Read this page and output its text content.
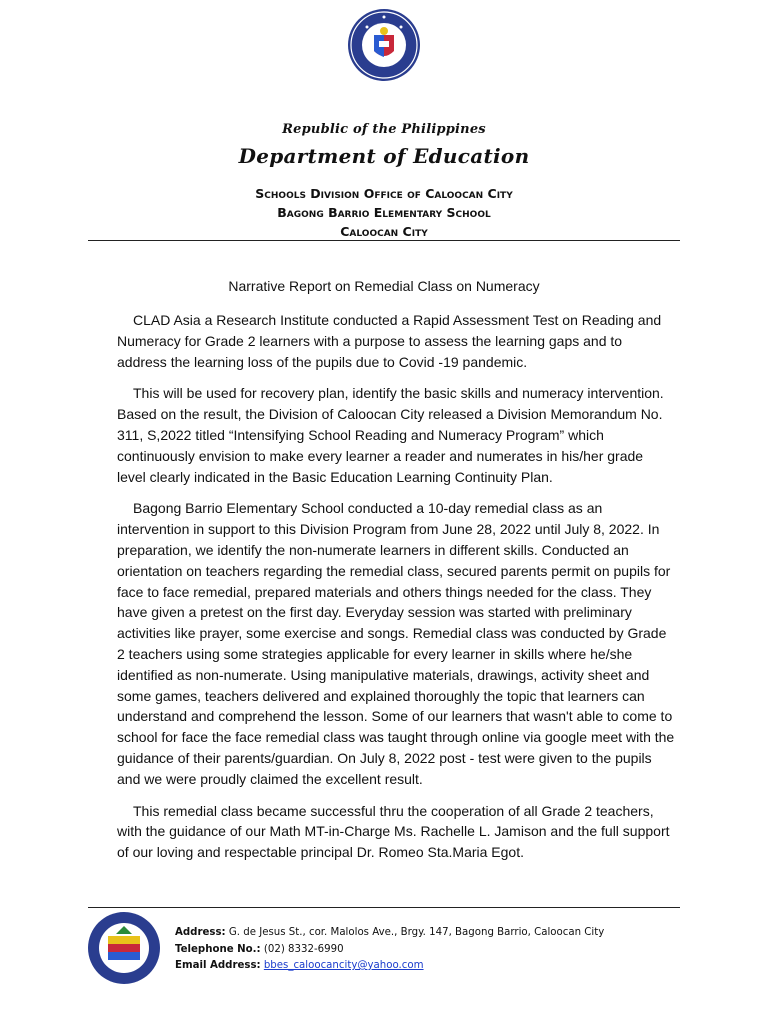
Republic of the Philippines
Department of Education
Schools Division Office of Caloocan City
Bagong Barrio Elementary School
Caloocan City
Narrative Report on Remedial Class on Numeracy

CLAD Asia a Research Institute conducted a Rapid Assessment Test on Reading and Numeracy for Grade 2 learners with a purpose to assess the learning gaps and to address the learning loss of the pupils due to Covid -19 pandemic.

This will be used for recovery plan, identify the basic skills and numeracy intervention. Based on the result, the Division of Caloocan City released a Division Memorandum No. 311, S,2022 titled “Intensifying School Reading and Numeracy Program” which continuously envision to make every learner a reader and numerates in his/her grade level clearly indicated in the Basic Education Learning Continuity Plan.

Bagong Barrio Elementary School conducted a 10-day remedial class as an intervention in support to this Division Program from June 28, 2022 until July 8, 2022. In preparation, we identify the non-numerate learners in different skills. Conducted an orientation on teachers regarding the remedial class, secured parents permit on pupils for face to face remedial, prepared materials and others things needed for the class. They have given a pretest on the first day. Everyday session was started with preliminary activities like prayer, some exercise and songs. Remedial class was conducted by Grade 2 teachers using some strategies applicable for every learner in skills where he/she identified as non-numerate. Using manipulative materials, drawings, activity sheet and some games, teachers delivered and explained thoroughly the topic that learners can understand and comprehend the lesson. Some of our learners that wasn't able to come to school for face the face remedial class was taught through online via google meet with the guidance of their parents/guardian. On July 8, 2022 post - test were given to the pupils and we were proudly claimed the excellent result.

This remedial class became successful thru the cooperation of all Grade 2 teachers, with the guidance of our Math MT-in-Charge Ms. Rachelle L. Jamison and the full support of our loving and respectable principal Dr. Romeo Sta.Maria Egot.

Address: G. de Jesus St., cor. Malolos Ave., Brgy. 147, Bagong Barrio, Caloocan City
Telephone No.: (02) 8332-6990
Email Address: bbes_caloocancity@yahoo.com
